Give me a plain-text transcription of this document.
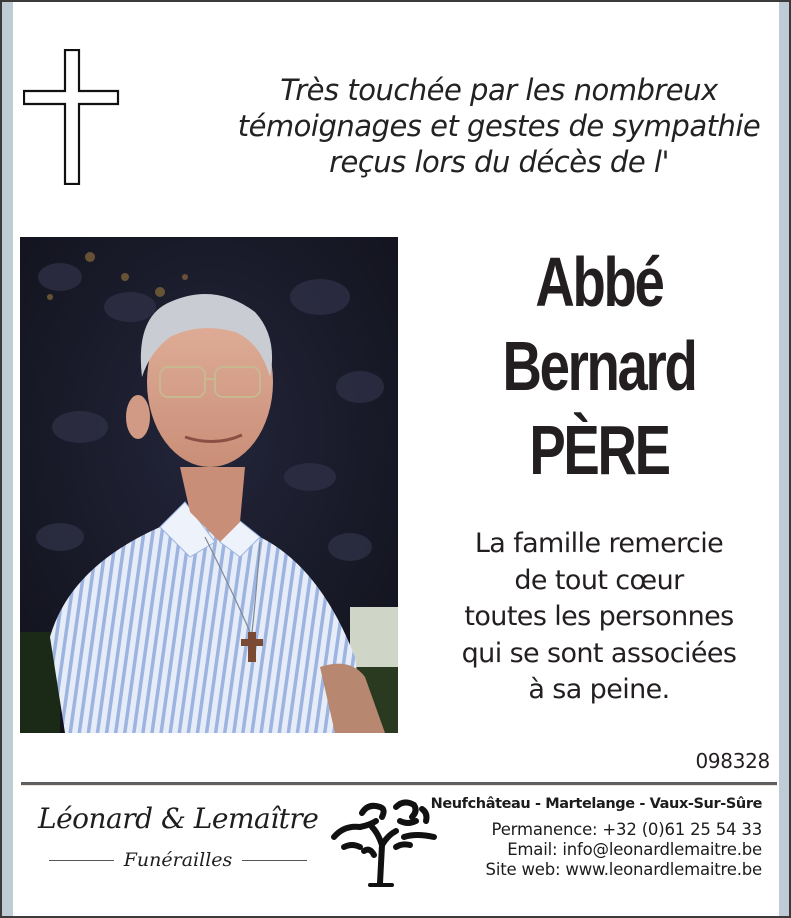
Très touchée par les nombreux
témoignages et gestes de sympathie
reçus lors du décès de l'
Abbé
Bernard
PÈRE
La famille remercie
de tout cœur
toutes les personnes
qui se sont associées
à sa peine.
098328
Léonard & Lemaître
Funérailles
Neufchâteau - Martelange - Vaux-Sur-Sûre
Permanence: +32 (0)61 25 54 33
Email: info@leonardlemaitre.be
Site web: www.leonardlemaitre.be
